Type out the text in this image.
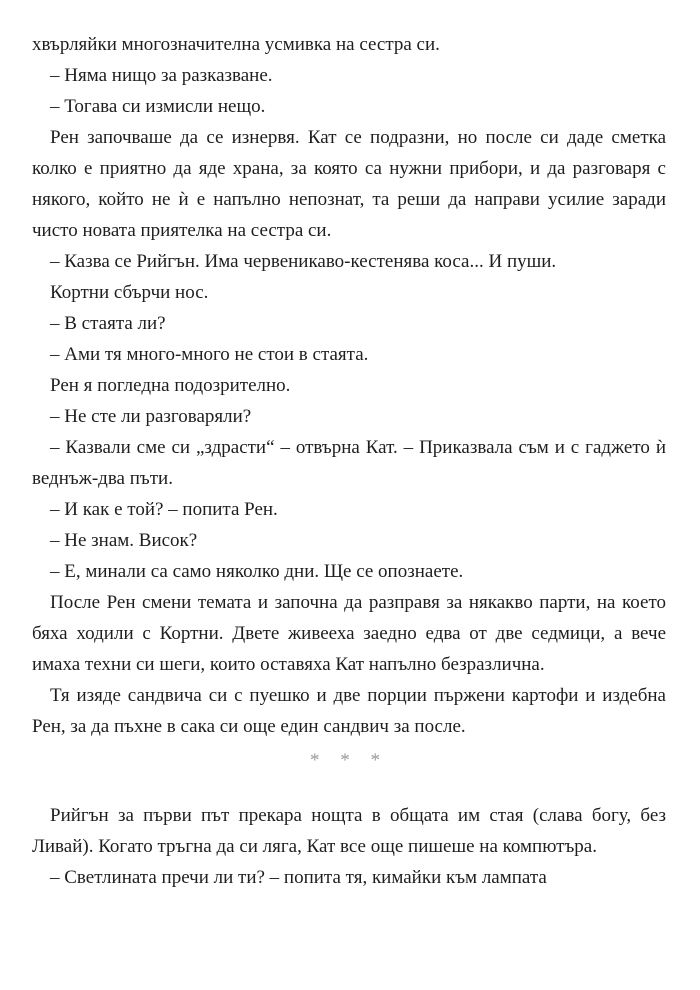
хвърляйки многозначителна усмивка на сестра си.

– Няма нищо за разказване.

– Тогава си измисли нещо.

Рен започваше да се изнервя. Кат се подразни, но после си даде сметка колко е приятно да яде храна, за която са нужни прибори, и да разговаря с някого, който не ѝ е напълно непознат, та реши да направи усилие заради чисто новата приятелка на сестра си.

– Казва се Рийгън. Има червеникаво-кестенява коса... И пуши.

Кортни сбърчи нос.

– В стаята ли?

– Ами тя много-много не стои в стаята.

Рен я погледна подозрително.

– Не сте ли разговаряли?

– Казвали сме си „здрасти“ – отвърна Кат. – Приказвала съм и с гаджето ѝ веднъж-два пъти.

– И как е той? – попита Рен.

– Не знам. Висок?

– Е, минали са само няколко дни. Ще се опознаете.

После Рен смени темата и започна да разправя за някакво парти, на което бяха ходили с Кортни. Двете живееха заедно едва от две седмици, а вече имаха техни си шеги, които оставяха Кат напълно безразлична.

Тя изяде сандвича си с пуешко и две порции пържени картофи и издебна Рен, за да пъхне в сака си още един сандвич за после.

* * *

Рийгън за първи път прекара нощта в общата им стая (слава богу, без Ливай). Когато тръгна да си ляга, Кат все още пишеше на компютъра.

– Светлината пречи ли ти? – попита тя, кимайки към лампата
